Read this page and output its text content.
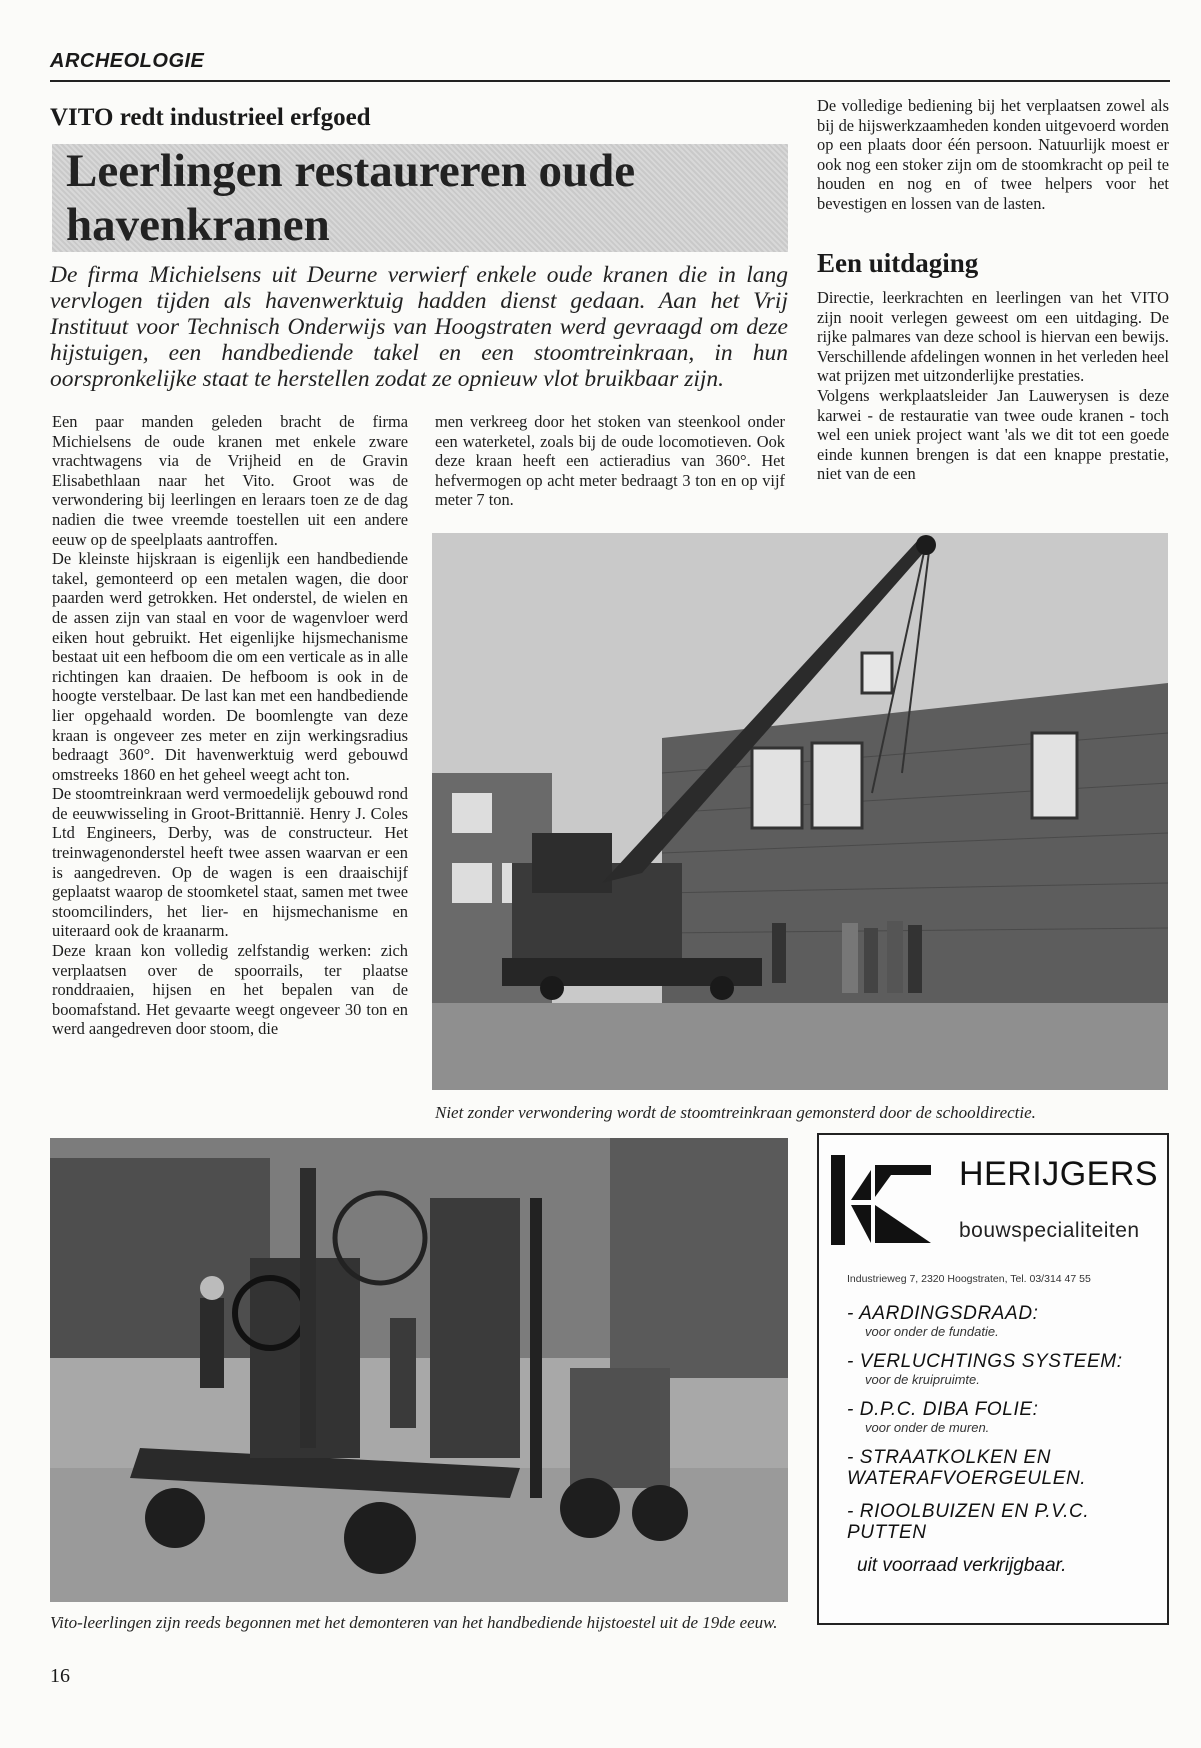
ARCHEOLOGIE
VITO redt industrieel erfgoed
Leerlingen restaureren oude havenkranen
De firma Michielsens uit Deurne verwierf enkele oude kranen die in lang vervlogen tijden als havenwerktuig hadden dienst gedaan. Aan het Vrij Instituut voor Technisch Onderwijs van Hoogstraten werd gevraagd om deze hijstuigen, een handbediende takel en een stoomtreinkraan, in hun oorspronkelijke staat te herstellen zodat ze opnieuw vlot bruikbaar zijn.

Een paar manden geleden bracht de firma Michielsens de oude kranen met enkele zware vrachtwagens via de Vrijheid en de Gravin Elisabethlaan naar het Vito. Groot was de verwondering bij leerlingen en leraars toen ze de dag nadien die twee vreemde toestellen uit een andere eeuw op de speelplaats aantroffen.

De kleinste hijskraan is eigenlijk een handbediende takel, gemonteerd op een metalen wagen, die door paarden werd getrokken. Het onderstel, de wielen en de assen zijn van staal en voor de wagenvloer werd eiken hout gebruikt. Het eigenlijke hijsmechanisme bestaat uit een hefboom die om een verticale as in alle richtingen kan draaien. De hefboom is ook in de hoogte verstelbaar. De last kan met een handbediende lier opgehaald worden. De boomlengte van deze kraan is ongeveer zes meter en zijn werkingsradius bedraagt 360°. Dit havenwerktuig werd gebouwd omstreeks 1860 en het geheel weegt acht ton.

De stoomtreinkraan werd vermoedelijk gebouwd rond de eeuwwisseling in Groot-Brittannië. Henry J. Coles Ltd Engineers, Derby, was de constructeur. Het treinwagenonderstel heeft twee assen waarvan er een is aangedreven. Op de wagen is een draaischijf geplaatst waarop de stoomketel staat, samen met twee stoomcilinders, het lier- en hijsmechanisme en uiteraard ook de kraanarm.

Deze kraan kon volledig zelfstandig werken: zich verplaatsen over de spoorrails, ter plaatse ronddraaien, hijsen en het bepalen van de boomafstand. Het gevaarte weegt ongeveer 30 ton en werd aangedreven door stoom, die

men verkreeg door het stoken van steenkool onder een waterketel, zoals bij de oude locomotieven. Ook deze kraan heeft een actieradius van 360°. Het hefvermogen op acht meter bedraagt 3 ton en op vijf meter 7 ton.

De volledige bediening bij het verplaatsen zowel als bij de hijswerkzaamheden konden uitgevoerd worden op een plaats door één persoon. Natuurlijk moest er ook nog een stoker zijn om de stoomkracht op peil te houden en nog en of twee helpers voor het bevestigen en lossen van de lasten.

Een uitdaging

Directie, leerkrachten en leerlingen van het VITO zijn nooit verlegen geweest om een uitdaging. De rijke palmares van deze school is hiervan een bewijs. Verschillende afdelingen wonnen in het verleden heel wat prijzen met uitzonderlijke prestaties.

Volgens werkplaatsleider Jan Lauwerysen is deze karwei - de restauratie van twee oude kranen - toch wel een uniek project want 'als we dit tot een goede einde kunnen brengen is dat een knappe prestatie, niet van de een

Niet zonder verwondering wordt de stoomtreinkraan gemonsterd door de schooldirectie.
Vito-leerlingen zijn reeds begonnen met het demonteren van het handbediende hijstoestel uit de 19de eeuw.
16
HERIJGERS
bouwspecialiteiten
Industrieweg 7, 2320 Hoogstraten, Tel. 03/314 47 55
- AARDINGSDRAAD:
voor onder de fundatie.
- VERLUCHTINGS SYSTEEM:
voor de kruipruimte.
- D.P.C. DIBA FOLIE:
voor onder de muren.
- STRAATKOLKEN EN WATERAFVOERGEULEN.
- RIOOLBUIZEN EN P.V.C. PUTTEN
uit voorraad verkrijgbaar.
